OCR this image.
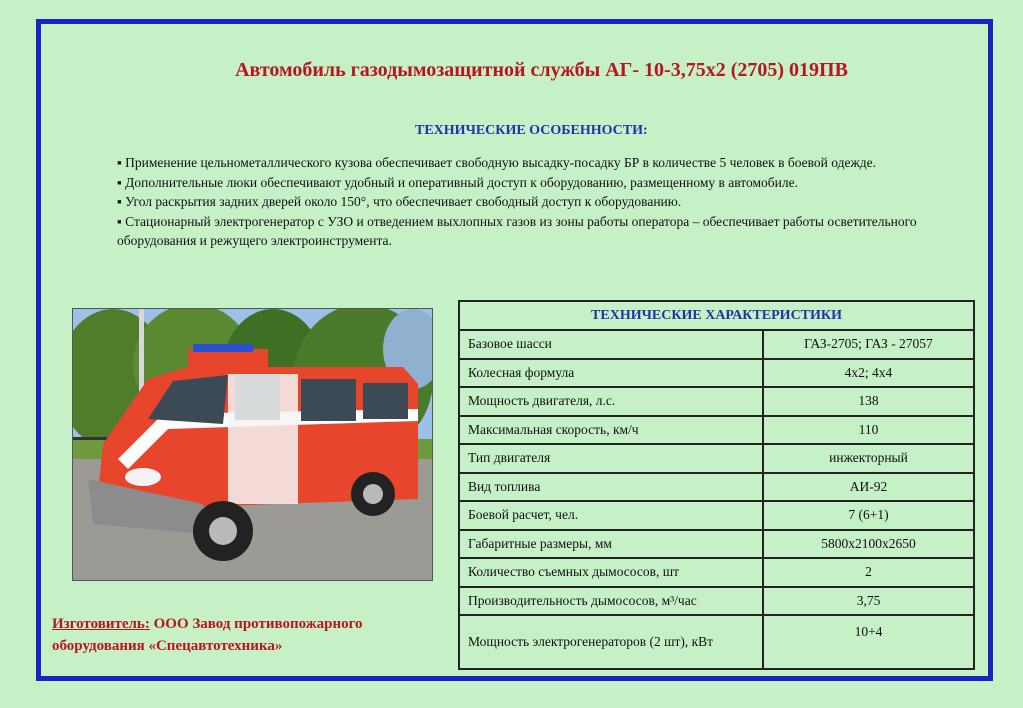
Автомобиль газодымозащитной службы АГ- 10-3,75х2 (2705) 019ПВ
ТЕХНИЧЕСКИЕ ОСОБЕННОСТИ:

▪ Применение цельнометаллического кузова обеспечивает свободную высадку-посадку БР в количестве 5 человек в боевой одежде.

▪ Дополнительные люки обеспечивают удобный и оперативный доступ к оборудованию, размещенному в автомобиле.

▪ Угол раскрытия задних дверей около 150°, что обеспечивает свободный доступ к оборудованию.

▪ Стационарный электрогенератор с УЗО и отведением выхлопных газов из зоны работы оператора – обеспечивает работы осветительного оборудования и режущего электроинструмента.

ТЕХНИЧЕСКИЕ ХАРАКТЕРИСТИКИ	
Базовое шасси	ГАЗ-2705; ГАЗ - 27057
Колесная формула	4х2; 4х4
Мощность двигателя, л.с.	138
Максимальная скорость, км/ч	110
Тип двигателя	инжекторный
Вид топлива	АИ-92
Боевой расчет, чел.	7 (6+1)
Габаритные размеры, мм	5800х2100х2650
Количество съемных дымососов, шт	2
Производительность дымососов, м³/час	3,75
Мощность электрогенераторов (2 шт), кВт	10+4
Изготовитель: ООО Завод противопожарного
оборудования «Спецавтотехника»
